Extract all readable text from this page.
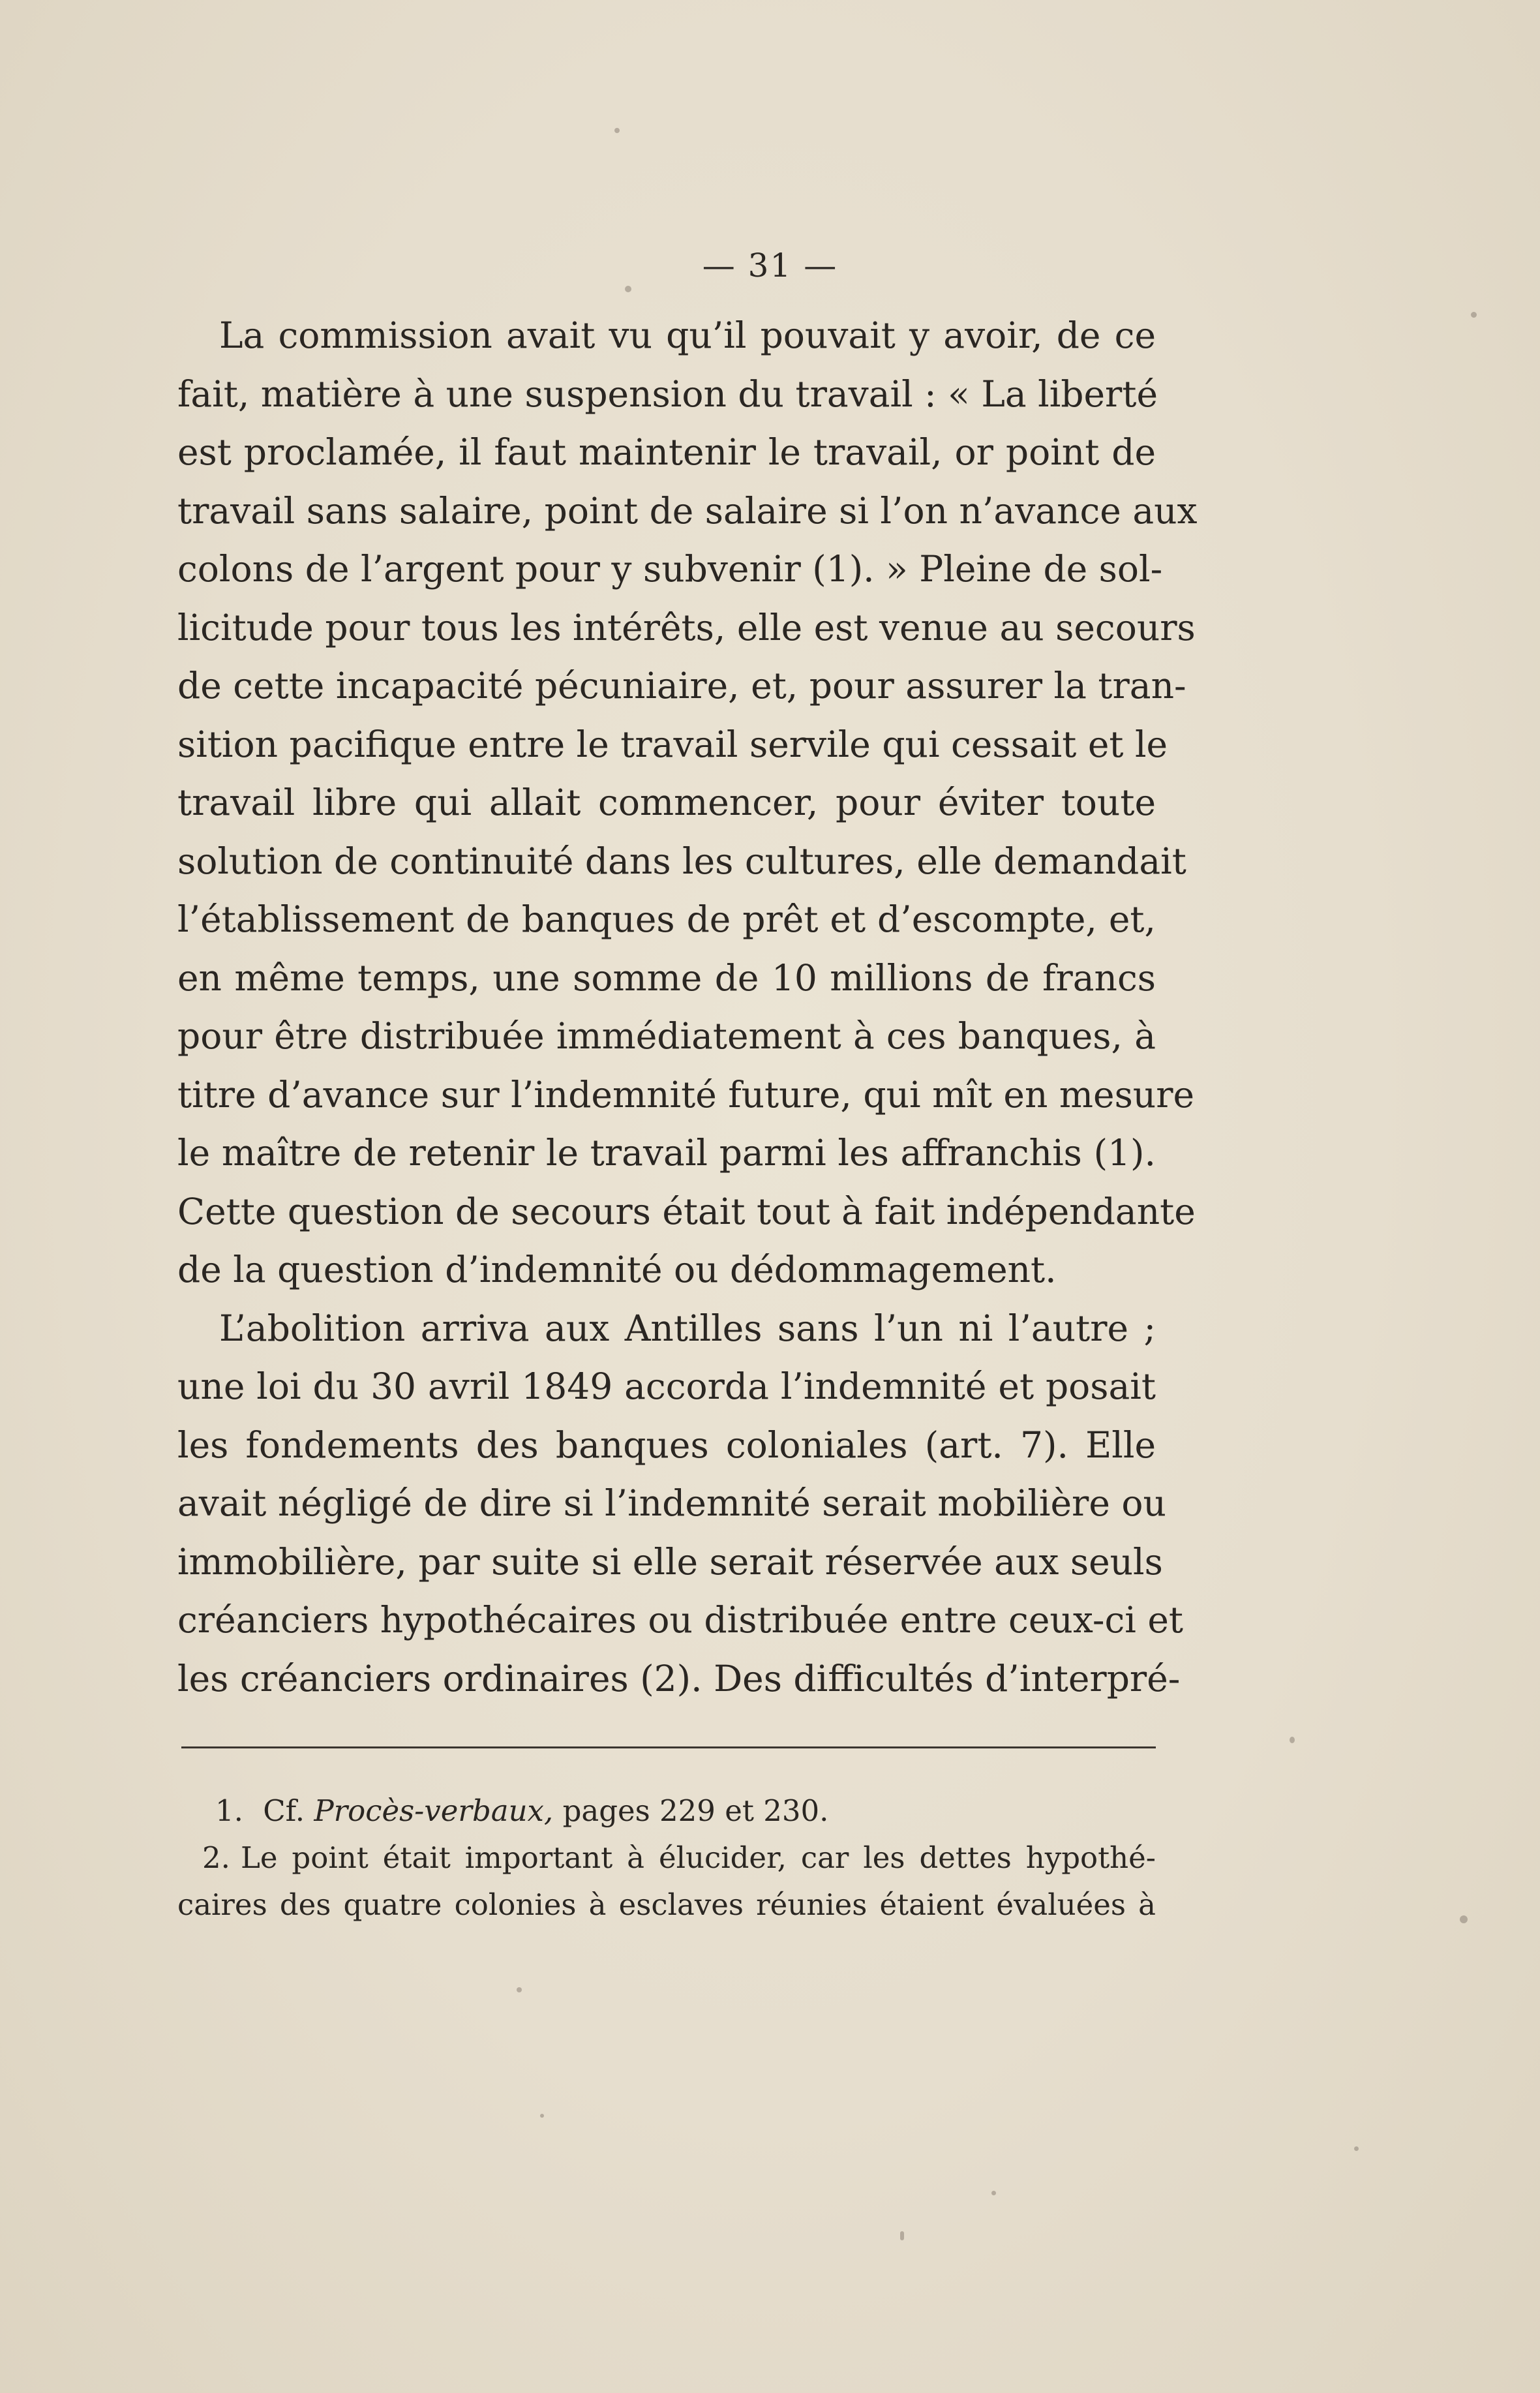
— 31 —
La commission avait vu qu’il pouvait y avoir, de ce
fait, matière à une suspension du travail : « La liberté
est proclamée, il faut maintenir le travail, or point de
travail sans salaire, point de salaire si l’on n’avance aux
colons de l’argent pour y subvenir (1). » Pleine de sol-
licitude pour tous les intérêts, elle est venue au secours
de cette incapacité pécuniaire, et, pour assurer la tran-
sition pacifique entre le travail servile qui cessait et le
travail libre qui allait commencer, pour éviter toute
solution de continuité dans les cultures, elle demandait
l’établissement de banques de prêt et d’escompte, et,
en même temps, une somme de 10 millions de francs
pour être distribuée immédiatement à ces banques, à
titre d’avance sur l’indemnité future, qui mît en mesure
le maître de retenir le travail parmi les affranchis (1).
Cette question de secours était tout à fait indépendante
de la question d’indemnité ou dédommagement.
L’abolition arriva aux Antilles sans l’un ni l’autre ;
une loi du 30 avril 1849 accorda l’indemnité et posait
les fondements des banques coloniales (art. 7). Elle
avait négligé de dire si l’indemnité serait mobilière ou
immobilière, par suite si elle serait réservée aux seuls
créanciers hypothécaires ou distribuée entre ceux-ci et
les créanciers ordinaires (2). Des difficultés d’interpré-
1. Cf. Procès-verbaux, pages 229 et 230.
2. Le point était important à élucider, car les dettes hypothé-
caires des quatre colonies à esclaves réunies étaient évaluées à
